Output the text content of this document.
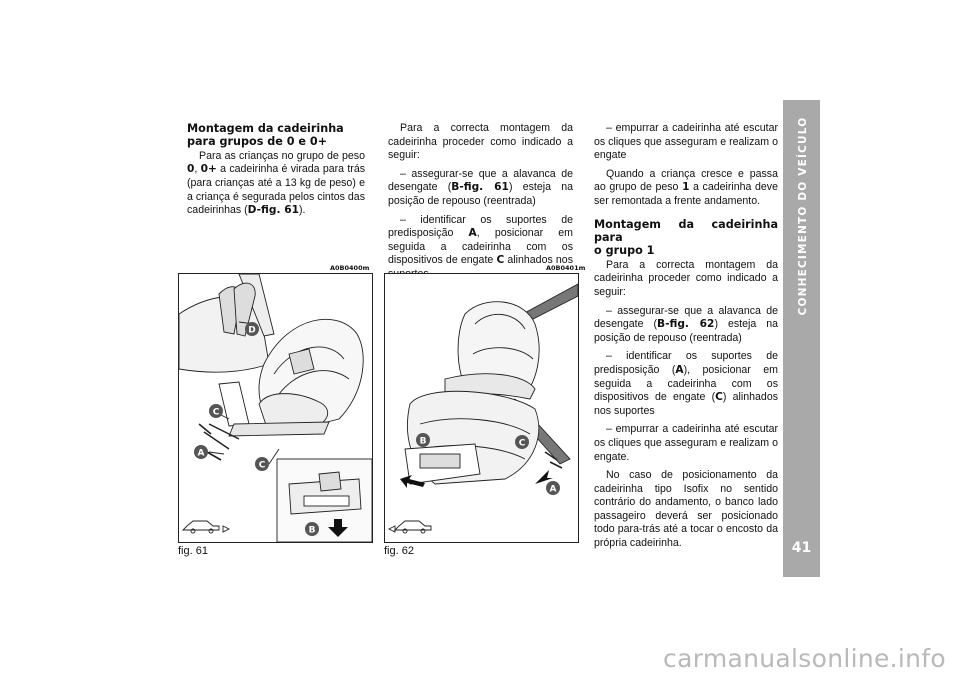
Montagem da cadeirinha
para grupos de 0 e 0+

Para as crianças no grupo de peso 0, 0+ a cadeirinha é virada para trás (para crianças até a 13 kg de peso) e a criança é segurada pelos cintos das cadeirinhas (D-fig. 61).

Para a correcta montagem da cadeirinha proceder como indicado a seguir:

– assegurar-se que a alavanca de desengate (B-fig. 61) esteja na posição de repouso (reentrada)

– identificar os suportes de predisposição A, posicionar em seguida a cadeirinha com os dispositivos de engate C alinhados nos

– empurrar a cadeirinha até escutar os cliques que asseguram e realizam o engate

Quando a criança cresce e passa ao grupo de peso 1 a cadeirinha deve ser remontada a frente andamento.

Montagem da cadeirinha para
o grupo 1

Para a correcta montagem da cadeirinha proceder como indicado a seguir:

– assegurar-se que a alavanca de desengate (B-fig. 62) esteja na posição de repouso (reentrada)

– identificar os suportes de predisposição (A), posicionar em seguida a cadeirinha com os dispositivos de engate (C) alinhados nos suportes

– empurrar a cadeirinha até escutar os cliques que asseguram e realizam o engate.

No caso de posicionamento da cadeirinha tipo Isofix no sentido contrário do andamento, o banco lado passageiro deverá ser posicionado todo para-trás até a tocar o encosto da própria cadeirinha.

A0B0400m
D
C
A
C
B
fig. 61
A0B0401m
B	C
A
fig. 62
CONHECIMENTO DO VEÍCULO
41
carmanualsonline.info
